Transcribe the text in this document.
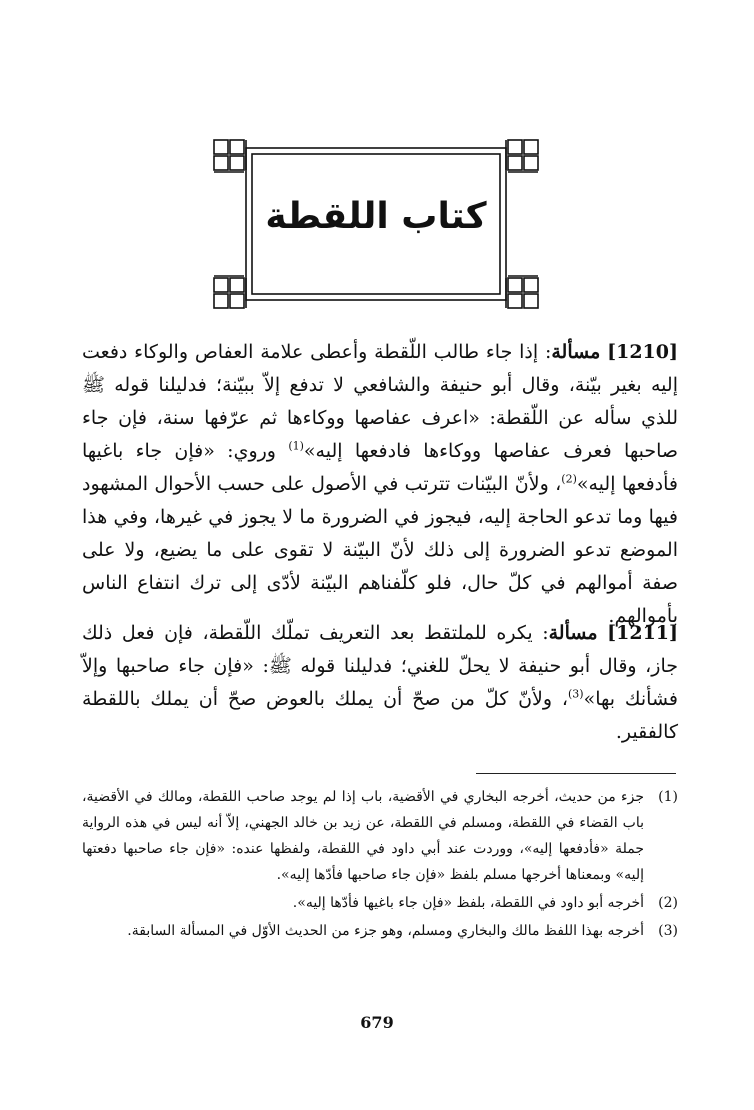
كتاب اللقطة
[1210] مسألة: إذا جاء طالب اللّقطة وأعطى علامة العفاص والوكاء دفعت إليه بغير بيّنة، وقال أبو حنيفة والشافعي لا تدفع إلاّ ببيّنة؛ فدليلنا قوله ﷺ للذي سأله عن اللّقطة: «اعرف عفاصها ووكاءها ثم عرّفها سنة، فإن جاء صاحبها فعرف عفاصها ووكاءها فادفعها إليه»$^{(1)}$ وروي: «فإن جاء باغيها فأدفعها إليه»$^{(2)}$، ولأنّ البيّنات تترتب في الأصول على حسب الأحوال المشهود فيها وما تدعو الحاجة إليه، فيجوز في الضرورة ما لا يجوز في غيرها، وفي هذا الموضع تدعو الضرورة إلى ذلك لأنّ البيّنة لا تقوى على ما يضيع، ولا على صفة أموالهم في كلّ حال، فلو كلّفناهم البيّنة لأدّى إلى ترك انتفاع الناس بأموالهم.
[1211] مسألة: يكره للملتقط بعد التعريف تملّك اللّقطة، فإن فعل ذلك جاز، وقال أبو حنيفة لا يحلّ للغني؛ فدليلنا قوله ﷺ: «فإن جاء صاحبها وإلاّ فشأنك بها»$^{(3)}$، ولأنّ كلّ من صحّ أن يملك بالعوض صحّ أن يملك باللقطة كالفقير.
(1)
جزء من حديث، أخرجه البخاري في الأقضية، باب إذا لم يوجد صاحب اللقطة، ومالك في الأقضية، باب القضاء في اللقطة، ومسلم في اللقطة، عن زيد بن خالد الجهني، إلاّ أنه ليس في هذه الرواية جملة «فأدفعها إليه»، ووردت عند أبي داود في اللقطة، ولفظها عنده: «فإن جاء صاحبها دفعتها إليه» وبمعناها أخرجها مسلم بلفظ «فإن جاء صاحبها فأدّها إليه».
(2)
أخرجه أبو داود في اللقطة، بلفظ «فإن جاء باغيها فأدّها إليه».
(3)
أخرجه بهذا اللفظ مالك والبخاري ومسلم، وهو جزء من الحديث الأوّل في المسألة السابقة.
679
